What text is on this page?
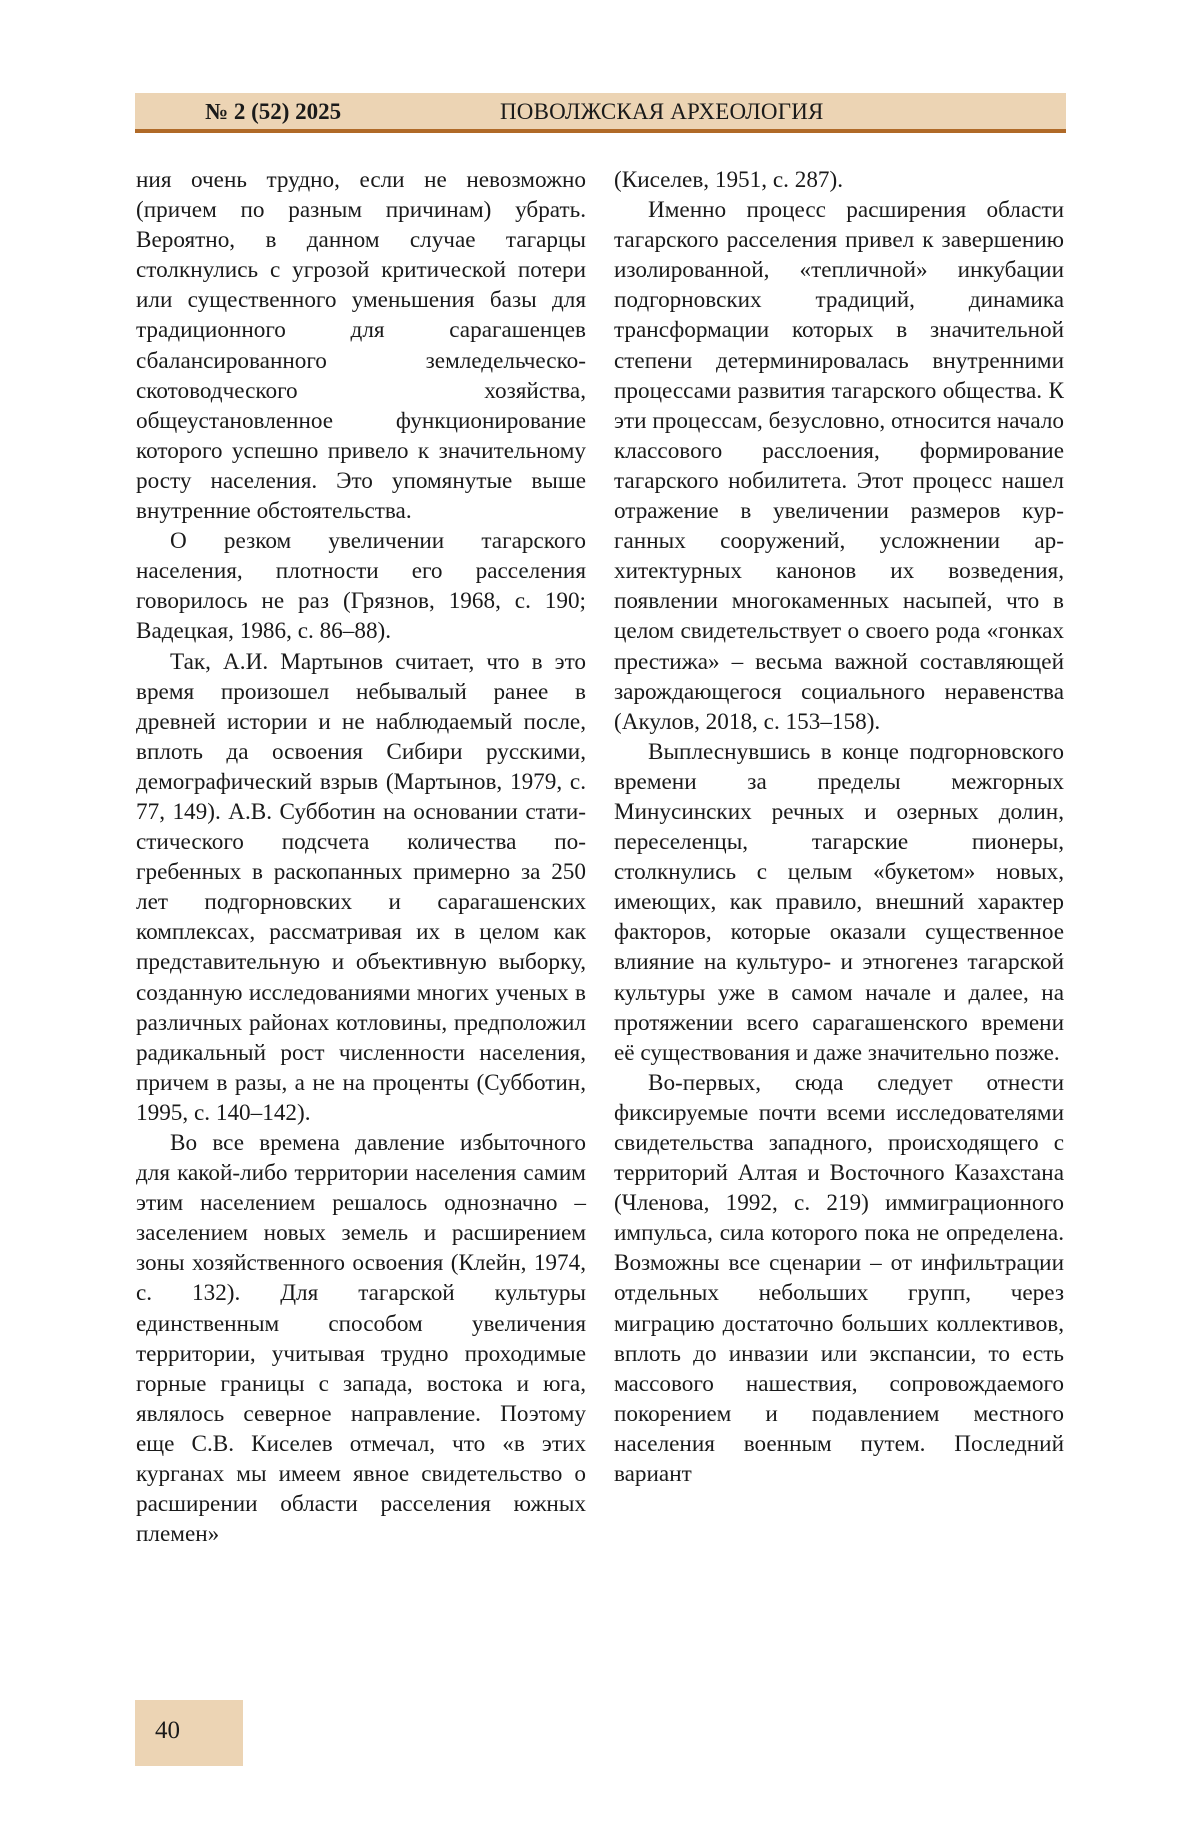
№ 2 (52) 2025	ПОВОЛЖСКАЯ АРХЕОЛОГИЯ

ния очень трудно, если не невозможно (причем по разным причинам) убрать. Вероятно, в данном случае тагарцы столкнулись с угрозой критической потери или существенного уменьшения базы для традиционного для сарагашенцев сбалансированного земледельческо-скотоводческого хозяйства, общеустановленное функционирование которого успешно привело к значительному росту населения. Это упомянутые выше внутренние обстоятельства.

О резком увеличении тагарского населения, плотности его расселения говорилось не раз (Грязнов, 1968, с. 190; Вадецкая, 1986, с. 86–88).

Так, А.И. Мартынов считает, что в это время произошел небывалый ранее в древней истории и не наблюдаемый после, вплоть да освоения Сибири русскими, демографический взрыв (Мартынов, 1979, с. 77, 149). А.В. Субботин на основании статистического подсчета количества погребенных в раскопанных примерно за 250 лет подгорновских и сарагашенских комплексах, рассматривая их в целом как представительную и объективную выборку, созданную исследованиями многих ученых в различных районах котловины, предположил радикальный рост численности населения, причем в разы, а не на проценты (Субботин, 1995, с. 140–142).

Во все времена давление избыточного для какой-либо территории населения самим этим населением решалось однозначно – заселением новых земель и расширением зоны хозяйственного освоения (Клейн, 1974, с. 132). Для тагарской культуры единственным способом увеличения территории, учитывая трудно проходимые горные границы с запада, востока и юга, являлось северное направление. Поэтому еще С.В. Киселев отмечал, что «в этих курганах мы имеем явное свидетельство о расширении области расселения южных племен»

(Киселев, 1951, с. 287).

Именно процесс расширения области тагарского расселения привел к завершению изолированной, «тепличной» инкубации подгорновских традиций, динамика трансформации которых в значительной степени детерминировалась внутренними процессами развития тагарского общества. К эти процессам, безусловно, относится начало классового расслоения, формирование тагарского нобилитета. Этот процесс нашел отражение в увеличении размеров курганных сооружений, усложнении архитектурных канонов их возведения, появлении многокаменных насыпей, что в целом свидетельствует о своего рода «гонках престижа» – весьма важной составляющей зарождающегося социального неравенства (Акулов, 2018, с. 153–158).

Выплеснувшись в конце подгорновского времени за пределы межгорных Минусинских речных и озерных долин, переселенцы, тагарские пионеры, столкнулись с целым «букетом» новых, имеющих, как правило, внешний характер факторов, которые оказали существенное влияние на культуро- и этногенез тагарской культуры уже в самом начале и далее, на протяжении всего сарагашенского времени её существования и даже значительно позже.

Во-первых, сюда следует отнести фиксируемые почти всеми исследователями свидетельства западного, происходящего с территорий Алтая и Восточного Казахстана (Членова, 1992, с. 219) иммиграционного импульса, сила которого пока не определена. Возможны все сценарии – от инфильтрации отдельных небольших групп, через миграцию достаточно больших коллективов, вплоть до инвазии или экспансии, то есть массового нашествия, сопровождаемого покорением и подавлением местного населения военным путем. Последний вариант

40
